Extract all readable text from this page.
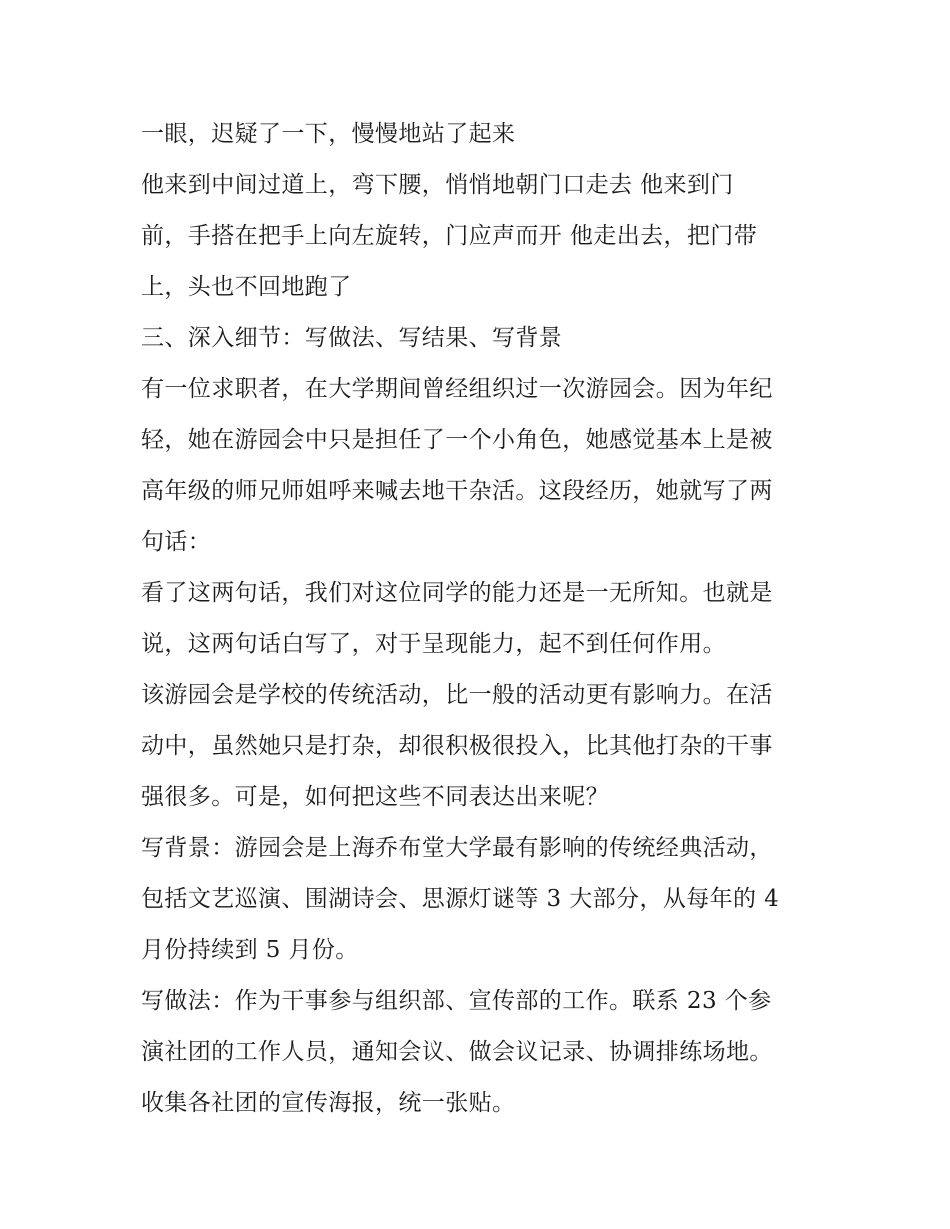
一眼，迟疑了一下，慢慢地站了起来

他来到中间过道上，弯下腰，悄悄地朝门口走去 他来到门
前，手搭在把手上向左旋转，门应声而开 他走出去，把门带
上，头也不回地跑了

三、深入细节：写做法、写结果、写背景

有一位求职者，在大学期间曾经组织过一次游园会。因为年纪
轻，她在游园会中只是担任了一个小角色，她感觉基本上是被
高年级的师兄师姐呼来喊去地干杂活。这段经历，她就写了两
句话：

看了这两句话，我们对这位同学的能力还是一无所知。也就是
说，这两句话白写了，对于呈现能力，起不到任何作用。

该游园会是学校的传统活动，比一般的活动更有影响力。在活
动中，虽然她只是打杂，却很积极很投入，比其他打杂的干事
强很多。可是，如何把这些不同表达出来呢？

写背景：游园会是上海乔布堂大学最有影响的传统经典活动，
包括文艺巡演、围湖诗会、思源灯谜等 3 大部分，从每年的 4
月份持续到 5 月份。

写做法：作为干事参与组织部、宣传部的工作。联系 23 个参
演社团的工作人员，通知会议、做会议记录、协调排练场地。
收集各社团的宣传海报，统一张贴。
